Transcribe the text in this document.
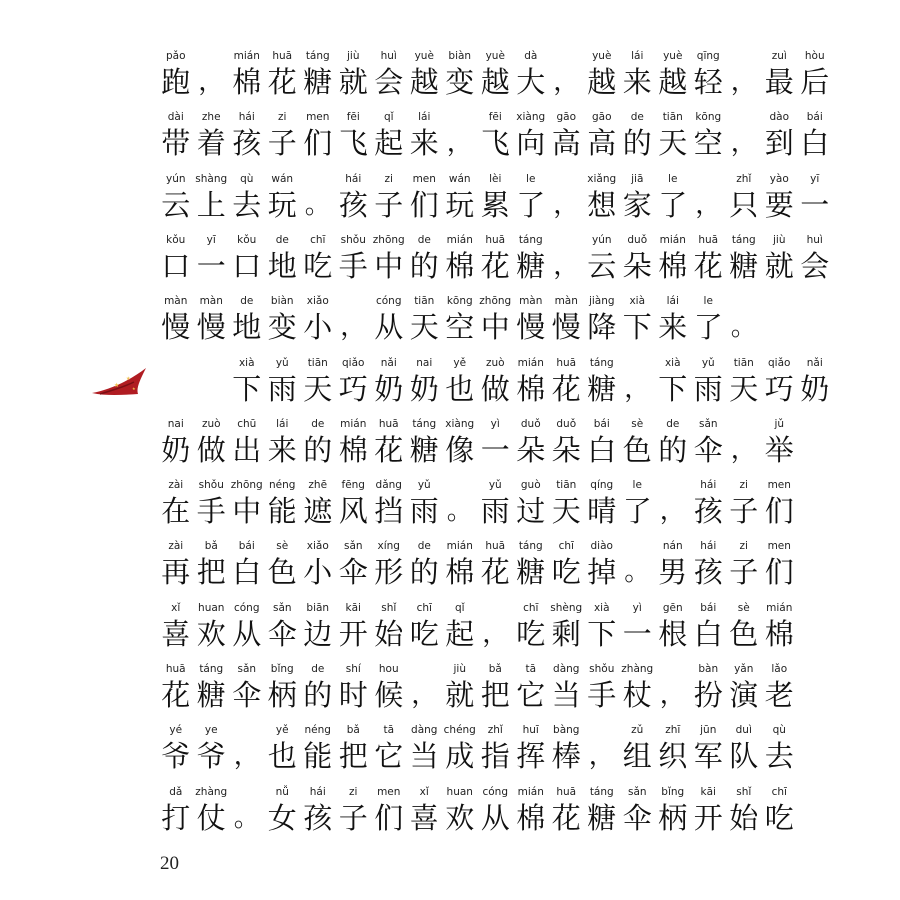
pǎo
跑 ，
mián
棉
huā
花
táng
糖
jiù
就
huì
会
yuè
越
biàn
变
yuè
越
dà
大 ，
yuè
越
lái
来
yuè
越
qīng
轻 ，
zuì
最
hòu
后
dài
带
zhe
着
hái
孩
zi
子
men
们
fēi
飞
qǐ
起
lái
来 ，
fēi
飞
xiàng
向
gāo
高
gāo
高
de
的
tiān
天
kōng
空 ，
dào
到
bái
白
yún
云
shàng
上
qù
去
wán
玩 。
hái
孩
zi
子
men
们
wán
玩
lèi
累
le
了 ，
xiǎng
想
jiā
家
le
了 ，
zhǐ
只
yào
要
yī
一
kǒu
口
yī
一
kǒu
口
de
地
chī
吃
shǒu
手
zhōng
中
de
的
mián
棉
huā
花
táng
糖 ，
yún
云
duǒ
朵
mián
棉
huā
花
táng
糖
jiù
就
huì
会
màn
慢
màn
慢
de
地
biàn
变
xiǎo
小 ，
cóng
从
tiān
天
kōng
空
zhōng
中
màn
慢
màn
慢
jiàng
降
xià
下
lái
来
le
了 。
xià
下
yǔ
雨
tiān
天
qiǎo
巧
nǎi
奶
nai
奶
yě
也
zuò
做
mián
棉
huā
花
táng
糖 ，
xià
下
yǔ
雨
tiān
天
qiǎo
巧
nǎi
奶
nai
奶
zuò
做
chū
出
lái
来
de
的
mián
棉
huā
花
táng
糖
xiàng
像
yì
一
duǒ
朵
duǒ
朵
bái
白
sè
色
de
的
sǎn
伞 ，
jǔ
举
zài
在
shǒu
手
zhōng
中
néng
能
zhē
遮
fēng
风
dǎng
挡
yǔ
雨 。
yǔ
雨
guò
过
tiān
天
qíng
晴
le
了 ，
hái
孩
zi
子
men
们
zài
再
bǎ
把
bái
白
sè
色
xiǎo
小
sǎn
伞
xíng
形
de
的
mián
棉
huā
花
táng
糖
chī
吃
diào
掉 。
nán
男
hái
孩
zi
子
men
们
xǐ
喜
huan
欢
cóng
从
sǎn
伞
biān
边
kāi
开
shǐ
始
chī
吃
qǐ
起 ，
chī
吃
shèng
剩
xià
下
yì
一
gēn
根
bái
白
sè
色
mián
棉
huā
花
táng
糖
sǎn
伞
bǐng
柄
de
的
shí
时
hou
候 ，
jiù
就
bǎ
把
tā
它
dàng
当
shǒu
手
zhàng
杖 ，
bàn
扮
yǎn
演
lǎo
老
yé
爷
ye
爷 ，
yě
也
néng
能
bǎ
把
tā
它
dàng
当
chéng
成
zhǐ
指
huī
挥
bàng
棒 ，
zǔ
组
zhī
织
jūn
军
duì
队
qù
去
dǎ
打
zhàng
仗 。
nǚ
女
hái
孩
zi
子
men
们
xǐ
喜
huan
欢
cóng
从
mián
棉
huā
花
táng
糖
sǎn
伞
bǐng
柄
kāi
开
shǐ
始
chī
吃
★
★
★
20
